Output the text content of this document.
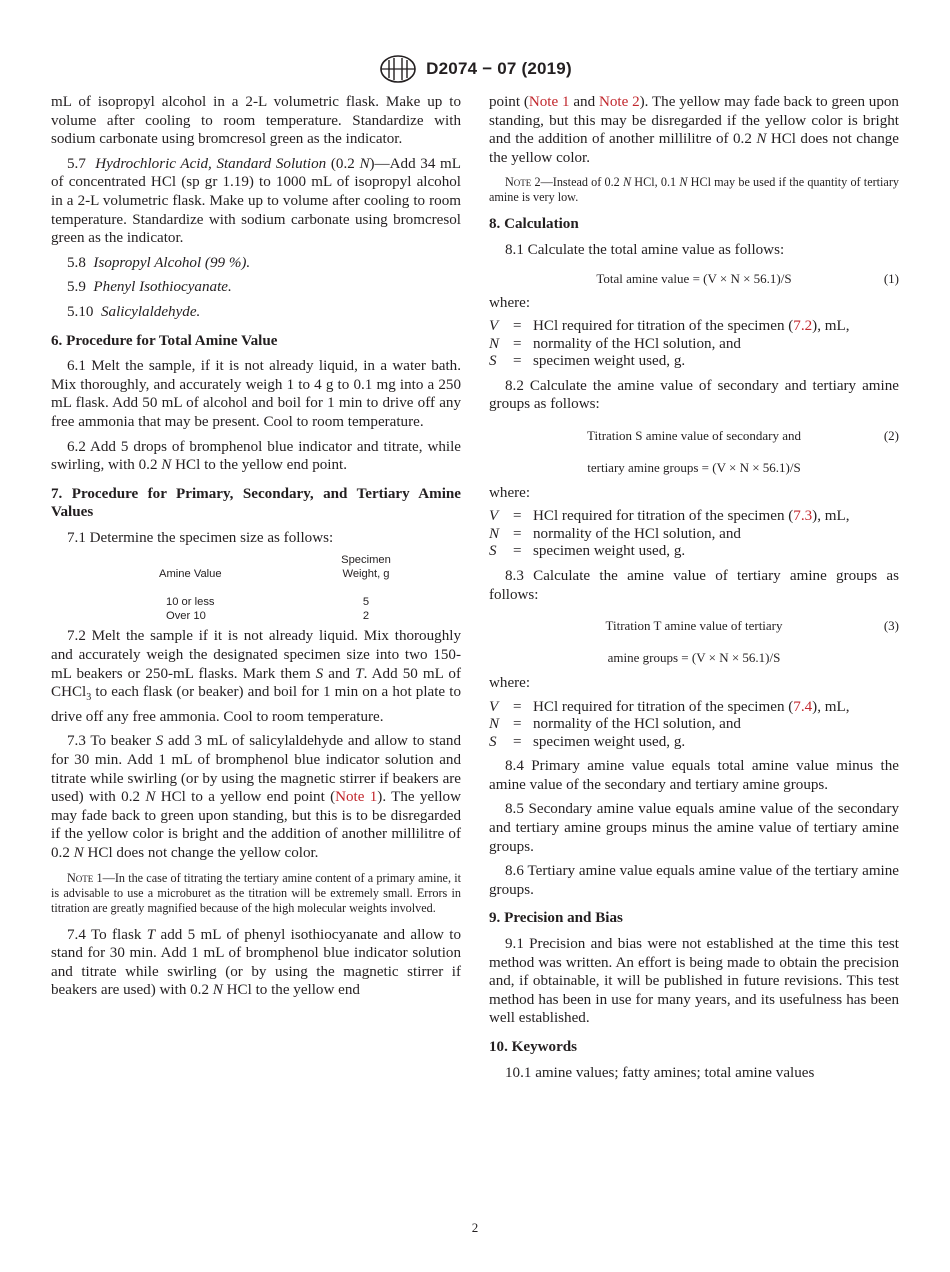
D2074 − 07 (2019)

mL of isopropyl alcohol in a 2-L volumetric flask. Make up to volume after cooling to room temperature. Standardize with sodium carbonate using bromcresol green as the indicator.

5.7 Hydrochloric Acid, Standard Solution (0.2 N)—Add 34 mL of concentrated HCl (sp gr 1.19) to 1000 mL of isopropyl alcohol in a 2-L volumetric flask. Make up to volume after cooling to room temperature. Standardize with sodium carbonate using bromcresol green as the indicator.

5.8 Isopropyl Alcohol (99 %).

5.9 Phenyl Isothiocyanate.

5.10 Salicylaldehyde.

6. Procedure for Total Amine Value

6.1 Melt the sample, if it is not already liquid, in a water bath. Mix thoroughly, and accurately weigh 1 to 4 g to 0.1 mg into a 250 mL flask. Add 50 mL of alcohol and boil for 1 min to drive off any free ammonia that may be present. Cool to room temperature.

6.2 Add 5 drops of bromphenol blue indicator and titrate, while swirling, with 0.2 N HCl to the yellow end point.

7. Procedure for Primary, Secondary, and Tertiary Amine Values

7.1 Determine the specimen size as follows:

Specimen
Amine Value	Weight, g
10 or less	5
Over 10	2

7.2 Melt the sample if it is not already liquid. Mix thoroughly and accurately weigh the designated specimen size into two 150-mL beakers or 250-mL flasks. Mark them S and T. Add 50 mL of CHCl$_3$ to each flask (or beaker) and boil for 1 min on a hot plate to drive off any free ammonia. Cool to room temperature.

7.3 To beaker S add 3 mL of salicylaldehyde and allow to stand for 30 min. Add 1 mL of bromphenol blue indicator solution and titrate while swirling (or by using the magnetic stirrer if beakers are used) with 0.2 N HCl to a yellow end point (Note 1). The yellow may fade back to green upon standing, but this is to be disregarded if the yellow color is bright and the addition of another millilitre of 0.2 N HCl does not change the yellow color.

Note 1—In the case of titrating the tertiary amine content of a primary amine, it is advisable to use a microburet as the titration will be extremely small. Errors in titration are greatly magnified because of the high molecular weights involved.

7.4 To flask T add 5 mL of phenyl isothiocyanate and allow to stand for 30 min. Add 1 mL of bromphenol blue indicator solution and titrate while swirling (or by using the magnetic stirrer if beakers are used) with 0.2 N HCl to the yellow end

point (Note 1 and Note 2). The yellow may fade back to green upon standing, but this may be disregarded if the yellow color is bright and the addition of another millilitre of 0.2 N HCl does not change the yellow color.

Note 2—Instead of 0.2 N HCl, 0.1 N HCl may be used if the quantity of tertiary amine is very low.

8. Calculation

8.1 Calculate the total amine value as follows:

Total amine value = (V × N × 56.1)/S	(1)

where:

V = HCl required for titration of the specimen (7.2), mL,
N = normality of the HCl solution, and
S	= specimen weight used, g.

8.2 Calculate the amine value of secondary and tertiary amine groups as follows:

Titration S amine value of secondary and	(2)
tertiary amine groups = (V × N × 56.1)/S

where:

V = HCl required for titration of the specimen (7.3), mL,
N = normality of the HCl solution, and
S	= specimen weight used, g.

8.3 Calculate the amine value of tertiary amine groups as follows:

Titration T amine value of tertiary	(3)
amine groups = (V × N × 56.1)/S

where:

V = HCl required for titration of the specimen (7.4), mL,
N = normality of the HCl solution, and
S	= specimen weight used, g.

8.4 Primary amine value equals total amine value minus the amine value of the secondary and tertiary amine groups.

8.5 Secondary amine value equals amine value of the secondary and tertiary amine groups minus the amine value of tertiary amine groups.

8.6 Tertiary amine value equals amine value of the tertiary amine groups.

9. Precision and Bias

9.1 Precision and bias were not established at the time this test method was written. An effort is being made to obtain the precision and, if obtainable, it will be published in future revisions. This test method has been in use for many years, and its usefulness has been well established.

10. Keywords

10.1 amine values; fatty amines; total amine values

2
